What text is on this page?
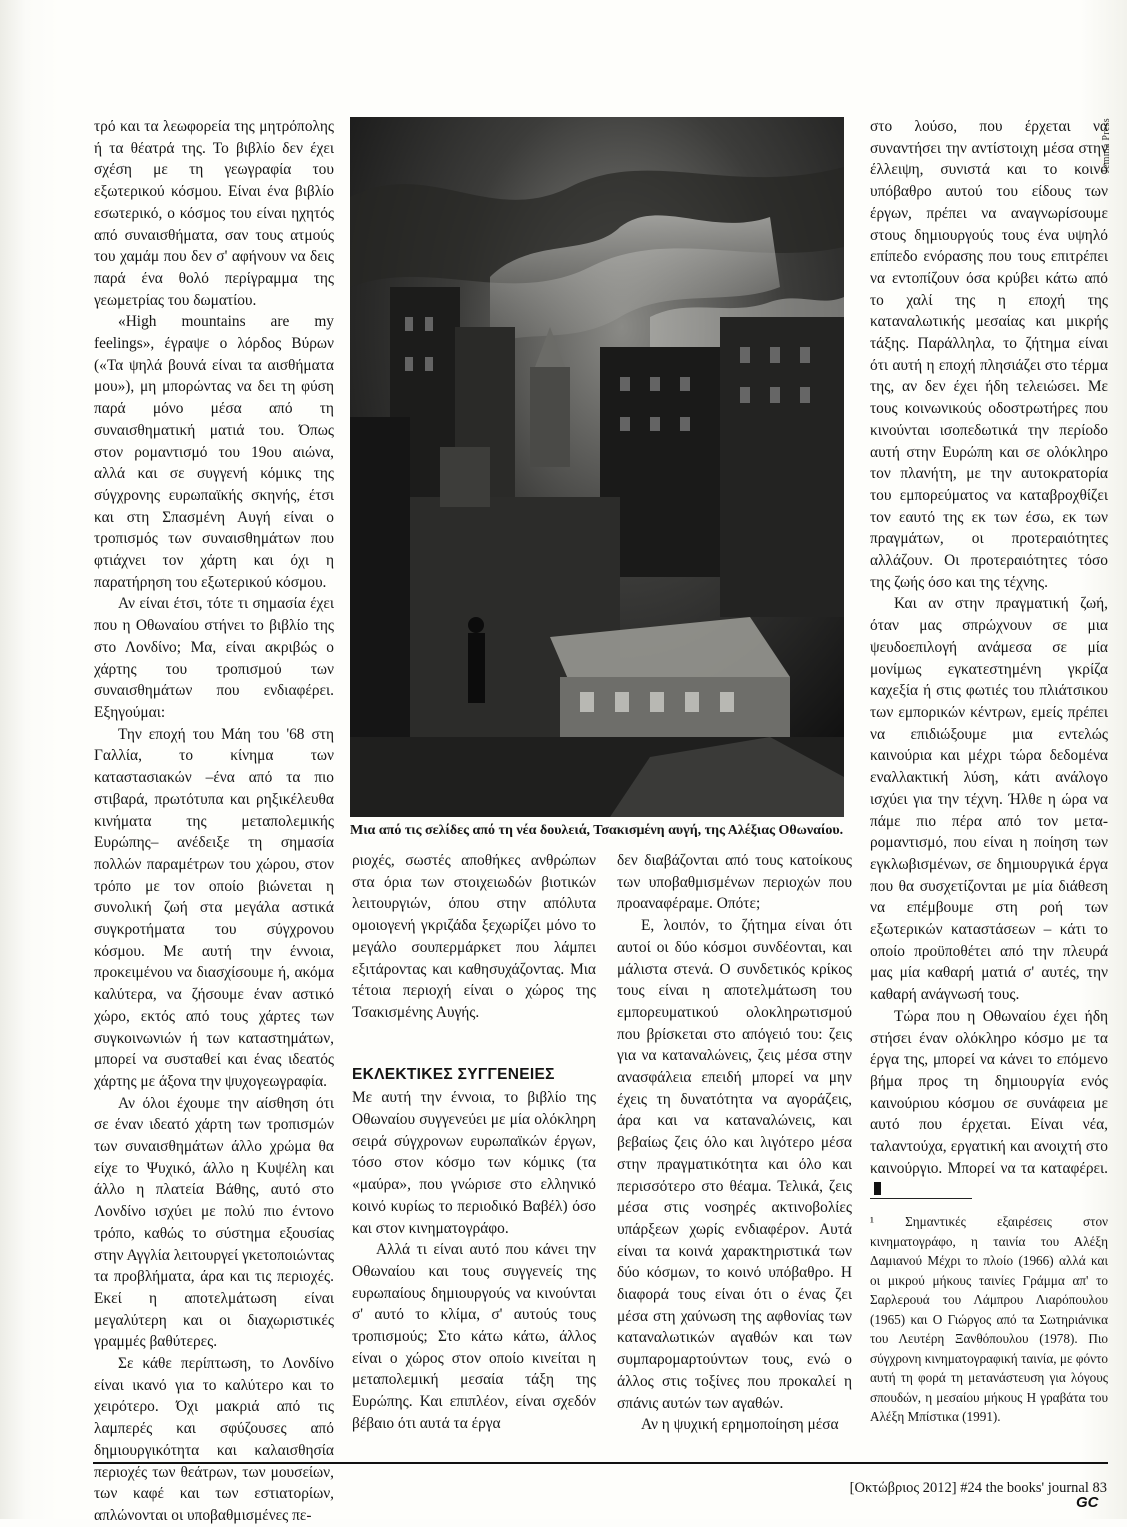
τρό και τα λεωφορεία της μητρόπολης ή τα θέατρά της. Το βιβλίο δεν έχει σχέση με τη γεωγραφία του εξωτερικού κόσμου. Είναι ένα βιβλίο εσωτερικό, ο κόσμος του είναι ηχητός από συναισθήματα, σαν τους ατμούς του χαμάμ που δεν σ' αφήνουν να δεις παρά ένα θολό περίγραμμα της γεωμετρίας του δωματίου.

«High mountains are my feelings», έγραψε ο λόρδος Βύρων («Τα ψηλά βουνά είναι τα αισθήματα μου»), μη μπορώντας να δει τη φύση παρά μόνο μέσα από τη συναισθηματική ματιά του. Όπως στον ρομαντισμό του 19ου αιώνα, αλλά και σε συγγενή κόμικς της σύγχρονης ευρωπαϊκής σκηνής, έτσι και στη Σπασμένη Αυγή είναι ο τροπισμός των συναισθημάτων που φτιάχνει τον χάρτη και όχι η παρατήρηση του εξωτερικού κόσμου.

Αν είναι έτσι, τότε τι σημασία έχει που η Οθωναίου στήνει το βιβλίο της στο Λονδίνο; Μα, είναι ακριβώς ο χάρτης του τροπισμού των συναισθημάτων που ενδιαφέρει. Εξηγούμαι:

Την εποχή του Μάη του '68 στη Γαλλία, το κίνημα των καταστασιακών –ένα από τα πιο στιβαρά, πρωτότυπα και ρηξικέλευθα κινήματα της μεταπολεμικής Ευρώπης– ανέδειξε τη σημασία πολλών παραμέτρων του χώρου, στον τρόπο με τον οποίο βιώνεται η συνολική ζωή στα μεγάλα αστικά συγκροτήματα του σύγχρονου κόσμου. Με αυτή την έννοια, προκειμένου να διασχίσουμε ή, ακόμα καλύτερα, να ζήσουμε έναν αστικό χώρο, εκτός από τους χάρτες των συγκοινωνιών ή των καταστημάτων, μπορεί να συσταθεί και ένας ιδεατός χάρτης με άξονα την ψυχογεωγραφία.

Αν όλοι έχουμε την αίσθηση ότι σε έναν ιδεατό χάρτη των τροπισμών των συναισθημάτων άλλο χρώμα θα είχε το Ψυχικό, άλλο η Κυψέλη και άλλο η πλατεία Βάθης, αυτό στο Λονδίνο ισχύει με πολύ πιο έντονο τρόπο, καθώς το σύστημα εξουσίας στην Αγγλία λειτουργεί γκετοποιώντας τα προβλήματα, άρα και τις περιοχές. Εκεί η αποτελμάτωση είναι μεγαλύτερη και οι διαχωριστικές γραμμές βαθύτερες.

Σε κάθε περίπτωση, το Λονδίνο είναι ικανό για το καλύτερο και το χειρότερο. Όχι μακριά από τις λαμπερές και σφύζουσες από δημιουργικότητα και καλαισθησία περιοχές των θεάτρων, των μουσείων, των καφέ και των εστιατορίων, απλώνονται οι υποβαθμισμένες πε-

Jemma Press
Μια από τις σελίδες από τη νέα δουλειά, Τσακισμένη αυγή, της Αλέξιας Οθωναίου.

ριοχές, σωστές αποθήκες ανθρώπων στα όρια των στοιχειωδών βιοτικών λειτουργιών, όπου στην απόλυτα ομοιογενή γκριζάδα ξεχωρίζει μόνο το μεγάλο σουπερμάρκετ που λάμπει εξιτάροντας και καθησυχάζοντας. Μια τέτοια περιοχή είναι ο χώρος της Τσακισμένης Αυγής.

ΕΚΛΕΚΤΙΚΕΣ ΣΥΓΓΕΝΕΙΕΣ

Με αυτή την έννοια, το βιβλίο της Οθωναίου συγγενεύει με μία ολόκληρη σειρά σύγχρονων ευρωπαϊκών έργων, τόσο στον κόσμο των κόμικς (τα «μαύρα», που γνώρισε στο ελληνικό κοινό κυρίως το περιοδικό Βαβέλ) όσο και στον κινηματογράφο.

Αλλά τι είναι αυτό που κάνει την Οθωναίου και τους συγγενείς της ευρωπαίους δημιουργούς να κινούνται σ' αυτό το κλίμα, σ' αυτούς τους τροπισμούς; Στο κάτω κάτω, άλλος είναι ο χώρος στον οποίο κινείται η μεταπολεμική μεσαία τάξη της Ευρώπης. Και επιπλέον, είναι σχεδόν βέβαιο ότι αυτά τα έργα

δεν διαβάζονται από τους κατοίκους των υποβαθμισμένων περιοχών που προαναφέραμε. Οπότε;

Ε, λοιπόν, το ζήτημα είναι ότι αυτοί οι δύο κόσμοι συνδέονται, και μάλιστα στενά. Ο συνδετικός κρίκος τους είναι η αποτελμάτωση του εμπορευματικού ολοκληρωτισμού που βρίσκεται στο απόγειό του: ζεις για να καταναλώνεις, ζεις μέσα στην ανασφάλεια επειδή μπορεί να μην έχεις τη δυνατότητα να αγοράζεις, άρα και να καταναλώνεις, και βεβαίως ζεις όλο και λιγότερο μέσα στην πραγματικότητα και όλο και περισσότερο στο θέαμα. Τελικά, ζεις μέσα στις νοσηρές ακτινοβολίες υπάρξεων χωρίς ενδιαφέρον. Αυτά είναι τα κοινά χαρακτηριστικά των δύο κόσμων, το κοινό υπόβαθρο. Η διαφορά τους είναι ότι ο ένας ζει μέσα στη χαύνωση της αφθονίας των καταναλωτικών αγαθών και των συμπαρομαρτούντων τους, ενώ ο άλλος στις τοξίνες που προκαλεί η σπάνις αυτών των αγαθών.

Αν η ψυχική ερημοποίηση μέσα

στο λούσο, που έρχεται να συναντήσει την αντίστοιχη μέσα στην έλλειψη, συνιστά και το κοινό υπόβαθρο αυτού του είδους των έργων, πρέπει να αναγνωρίσουμε στους δημιουργούς τους ένα υψηλό επίπεδο ενόρασης που τους επιτρέπει να εντοπίζουν όσα κρύβει κάτω από το χαλί της η εποχή της καταναλωτικής μεσαίας και μικρής τάξης. Παράλληλα, το ζήτημα είναι ότι αυτή η εποχή πλησιάζει στο τέρμα της, αν δεν έχει ήδη τελειώσει. Με τους κοινωνικούς οδοστρωτήρες που κινούνται ισοπεδωτικά την περίοδο αυτή στην Ευρώπη και σε ολόκληρο τον πλανήτη, με την αυτοκρατορία του εμπορεύματος να καταβροχθίζει τον εαυτό της εκ των έσω, εκ των πραγμάτων, οι προτεραιότητες αλλάζουν. Οι προτεραιότητες τόσο της ζωής όσο και της τέχνης.

Και αν στην πραγματική ζωή, όταν μας σπρώχνουν σε μια ψευδοεπιλογή ανάμεσα σε μία μονίμως εγκατεστημένη γκρίζα καχεξία ή στις φωτιές του πλιάτσικου των εμπορικών κέντρων, εμείς πρέπει να επιδιώξουμε μια εντελώς καινούρια και μέχρι τώρα δεδομένα εναλλακτική λύση, κάτι ανάλογο ισχύει για την τέχνη. Ήλθε η ώρα να πάμε πιο πέρα από τον μετα-ρομαντισμό, που είναι η ποίηση των εγκλωβισμένων, σε δημιουργικά έργα που θα συσχετίζονται με μία διάθεση να επέμβουμε στη ροή των εξωτερικών καταστάσεων – κάτι το οποίο προϋποθέτει από την πλευρά μας μία καθαρή ματιά σ' αυτές, την καθαρή ανάγνωσή τους.

Τώρα που η Οθωναίου έχει ήδη στήσει έναν ολόκληρο κόσμο με τα έργα της, μπορεί να κάνει το επόμενο βήμα προς τη δημιουργία ενός καινούριου κόσμου σε συνάφεια με αυτό που έρχεται. Είναι νέα, ταλαντούχα, εργατική και ανοιχτή στο καινούργιο. Μπορεί να τα καταφέρει.

¹ Σημαντικές εξαιρέσεις στον κινηματογράφο, η ταινία του Αλέξη Δαμιανού Μέχρι το πλοίο (1966) αλλά και οι μικρού μήκους ταινίες Γράμμα απ' το Σαρλερουά του Λάμπρου Λιαρόπουλου (1965) και Ο Γιώργος από τα Σωτηριάνικα του Λευτέρη Ξανθόπουλου (1978). Πιο σύγχρονη κινηματογραφική ταινία, με φόντο αυτή τη φορά τη μετανάστευση για λόγους σπουδών, η μεσαίου μήκους Η γραβάτα του Αλέξη Μπίστικα (1991).
[Οκτώβριος 2012] #24 the books' journal 83
GC
